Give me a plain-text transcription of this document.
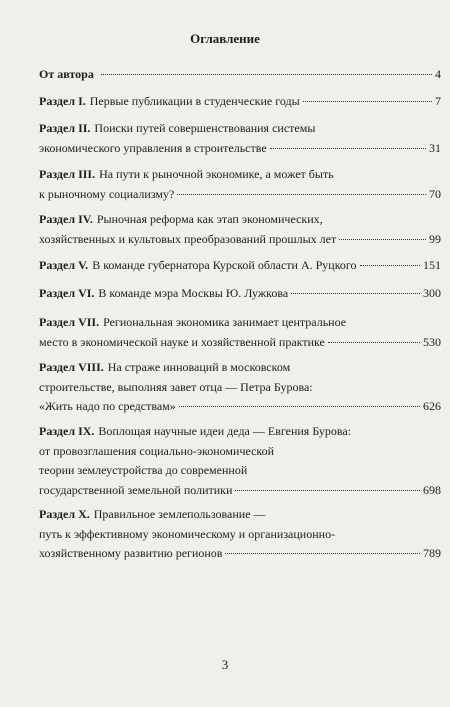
Оглавление
От автора	4
Раздел I. Первые публикации в студенческие годы	7
Раздел II. Поиски путей совершенствования системы
экономического управления в строительстве	31
Раздел III. На пути к рыночной экономике, а может быть
к рыночному социализму?	70
Раздел IV. Рыночная реформа как этап экономических,
хозяйственных и культовых преобразований прошлых лет	99
Раздел V. В команде губернатора Курской области А. Руцкого	151
Раздел VI. В команде мэра Москвы Ю. Лужкова	300
Раздел VII. Региональная экономика занимает центральное
место в экономической науке и хозяйственной практике	530
Раздел VIII. На страже инноваций в московском
строительстве, выполняя завет отца — Петра Бурова:
«Жить надо по средствам»	626
Раздел IX. Воплощая научные идеи деда — Евгения Бурова:
от провозглашения социально-экономической
теории землеустройства до современной
государственной земельной политики	698
Раздел X. Правильное землепользование —
путь к эффективному экономическому и организационно-
хозяйственному развитию регионов	789
3
